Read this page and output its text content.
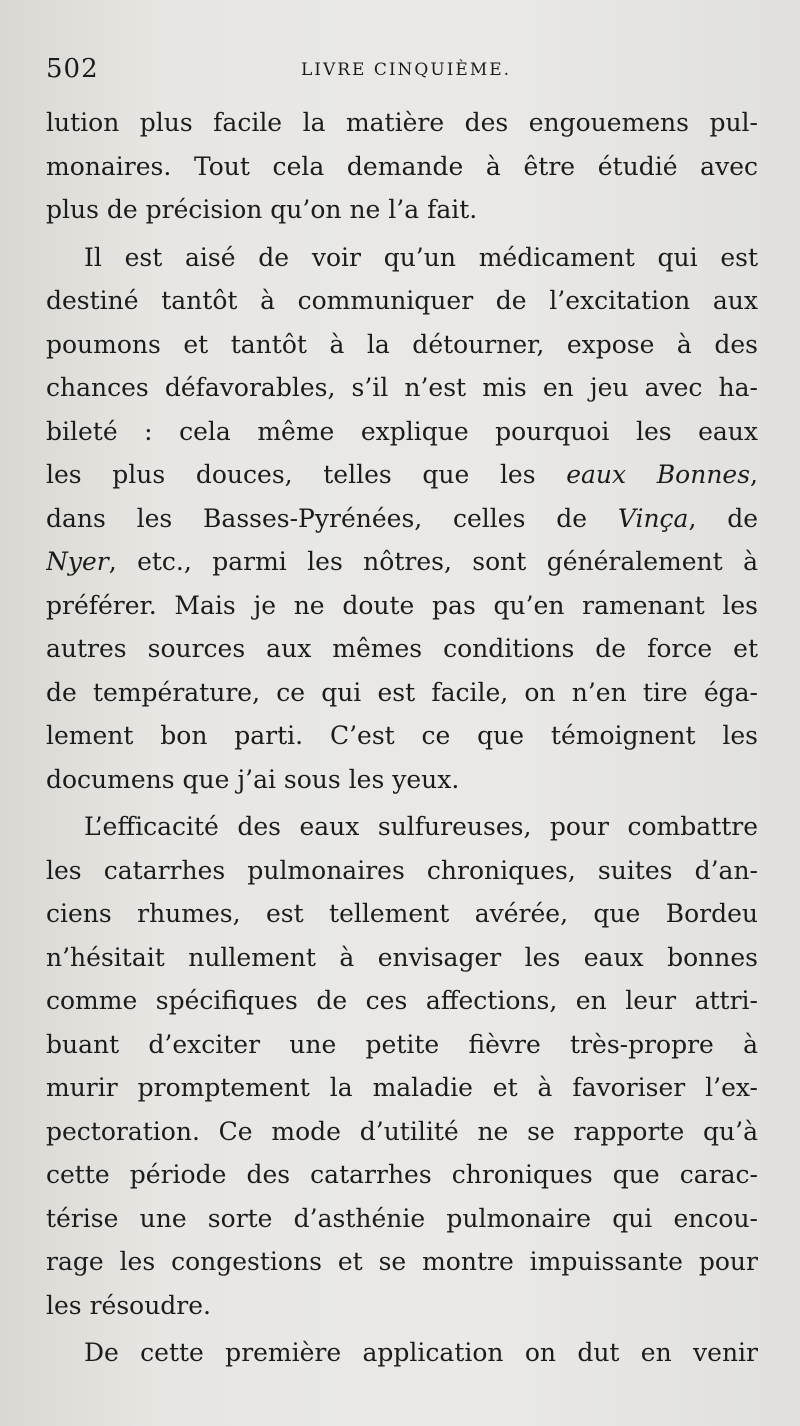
502	LIVRE CINQUIÈME.
lution plus facile la matière des engouemens pul-
monaires. Tout cela demande à être étudié avec
plus de précision qu’on ne l’a fait.
Il est aisé de voir qu’un médicament qui est
destiné tantôt à communiquer de l’excitation aux
poumons et tantôt à la détourner, expose à des
chances défavorables, s’il n’est mis en jeu avec ha-
bileté : cela même explique pourquoi les eaux
les plus douces, telles que les eaux Bonnes,
dans les Basses-Pyrénées, celles de Vinça, de
Nyer, etc., parmi les nôtres, sont généralement à
préférer. Mais je ne doute pas qu’en ramenant les
autres sources aux mêmes conditions de force et
de température, ce qui est facile, on n’en tire éga-
lement bon parti. C’est ce que témoignent les
documens que j’ai sous les yeux.
L’efficacité des eaux sulfureuses, pour combattre
les catarrhes pulmonaires chroniques, suites d’an-
ciens rhumes, est tellement avérée, que Bordeu
n’hésitait nullement à envisager les eaux bonnes
comme spécifiques de ces affections, en leur attri-
buant d’exciter une petite fièvre très-propre à
murir promptement la maladie et à favoriser l’ex-
pectoration. Ce mode d’utilité ne se rapporte qu’à
cette période des catarrhes chroniques que carac-
térise une sorte d’asthénie pulmonaire qui encou-
rage les congestions et se montre impuissante pour
les résoudre.
De cette première application on dut en venir
